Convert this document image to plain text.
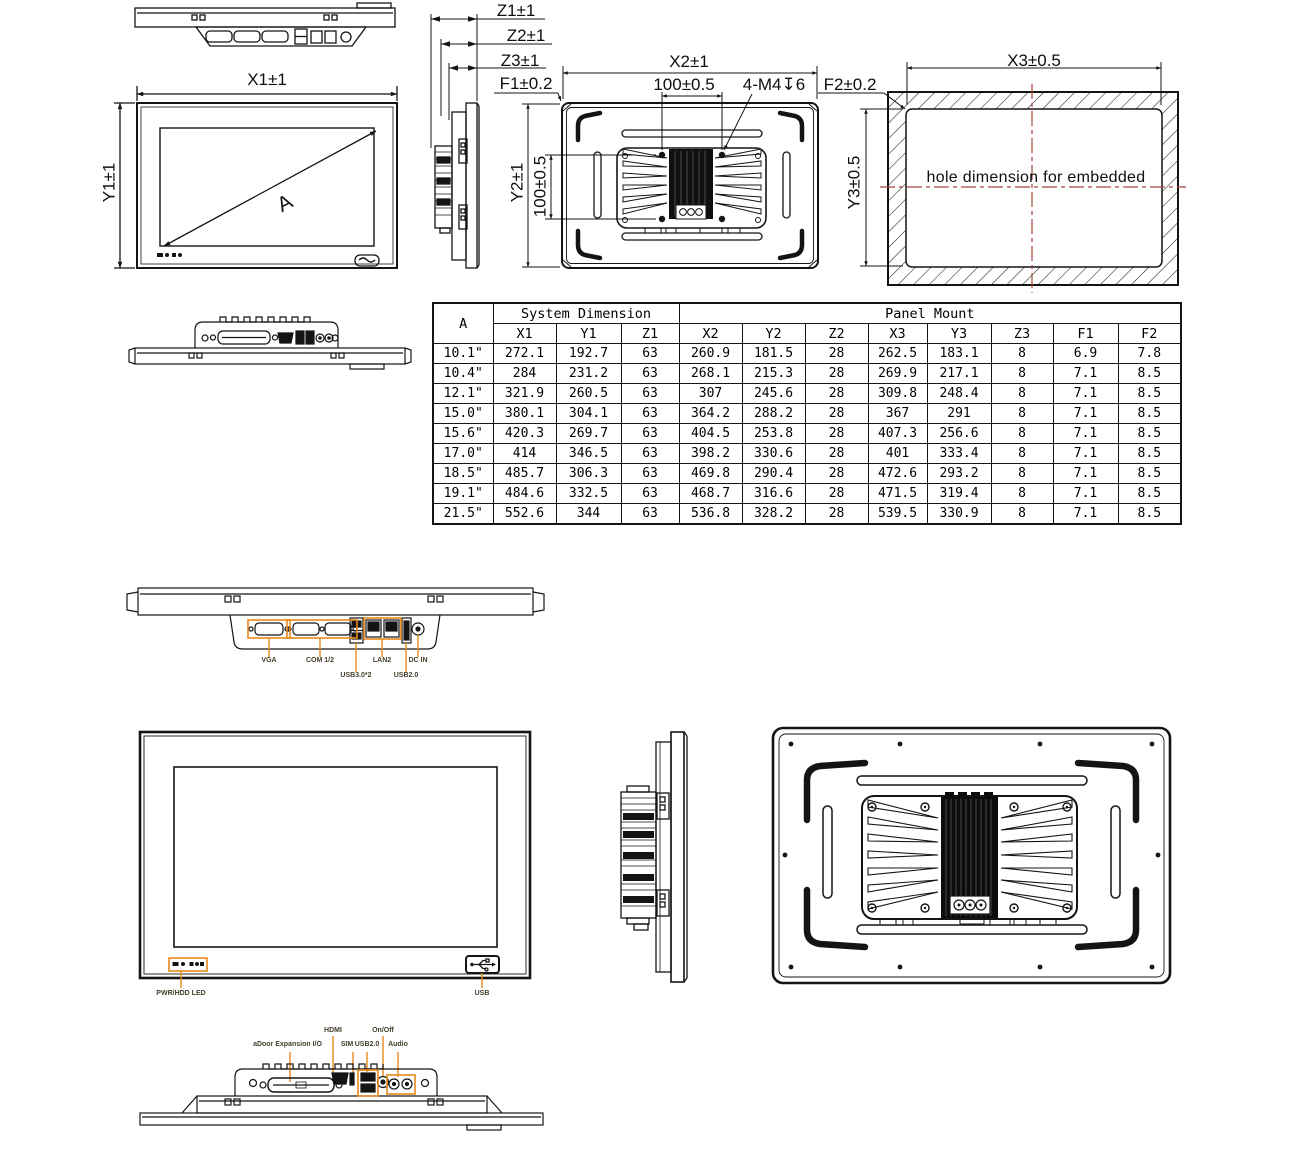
X1±1
Y1±1
A
Z1±1
Z2±1
Z3±1
F1±0.2
X2±1
100±0.5	4-M4↧6	F2±0.2
Y2±1 100±0.5
X3±0.5
Y3±0.5	hole dimension for embedded
A	System Dimension			Panel Mount							
	X1	Y1	Z1	X2	Y2	Z2	X3	Y3	Z3	F1	F2
10.1"	272.1	192.7	63	260.9	181.5	28	262.5	183.1	8	6.9	7.8
10.4"	284	231.2	63	268.1	215.3	28	269.9	217.1	8	7.1	8.5
12.1"	321.9	260.5	63	307	245.6	28	309.8	248.4	8	7.1	8.5
15.0"	380.1	304.1	63	364.2	288.2	28	367	291	8	7.1	8.5
15.6"	420.3	269.7	63	404.5	253.8	28	407.3	256.6	8	7.1	8.5
17.0"	414	346.5	63	398.2	330.6	28	401	333.4	8	7.1	8.5
18.5"	485.7	306.3	63	469.8	290.4	28	472.6	293.2	8	7.1	8.5
19.1"	484.6	332.5	63	468.7	316.6	28	471.5	319.4	8	7.1	8.5
21.5"	552.6	344	63	536.8	328.2	28	539.5	330.9	8	7.1	8.5
VGA	COM 1/2
USB3.0*2
LAN2
USB2.0
DC IN
PWR/HDD LED	USB
aDoor Expansion I/O
HDMI
SIM USB2.0
On/Off
Audio
